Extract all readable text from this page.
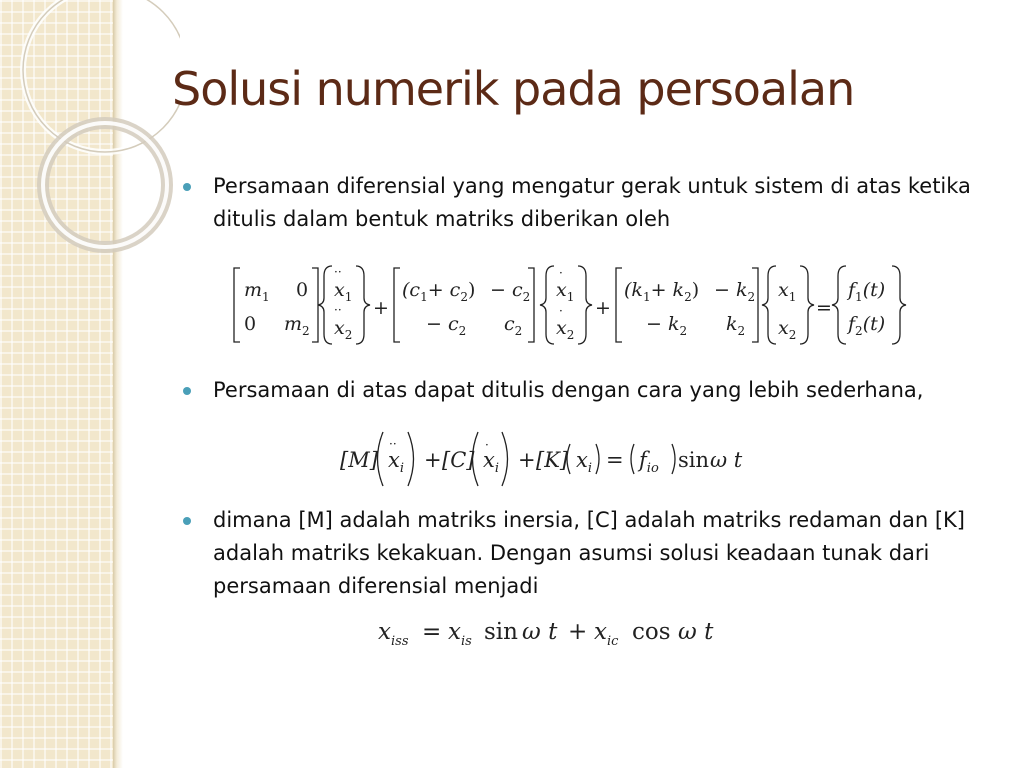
Solusi numerik pada persoalan
Persamaan diferensial yang mengatur gerak untuk sistem di atas ketika ditulis dalam bentuk matriks diberikan oleh
$m_1$ 0
0 $m_2$
··
$x_1$
··
$x_2$
+
$(c_1+ c_2) - c_2$
− $c_2$ $c_2$
·
$x_1$
·
$x_2$
+
$(k_1+ k_2) - k_2$
− $k_2$ $k_2$
$x_1$
$x_2$
=
$f_1(t)$
$f_2(t)$
Persamaan di atas dapat ditulis dengan cara yang lebih sederhana,
[M]
··
$x_i + [C]$
·
$x_i + [K] x_i = f_{io}$ sin ω t
dimana [M] adalah matriks inersia, [C] adalah matriks redaman dan [K] adalah matriks kekakuan. Dengan asumsi solusi keadaan tunak dari persamaan diferensial menjadi
$x_{iss} = x_{is}$ sin ω $t + x_{ic}$ cos ω t
